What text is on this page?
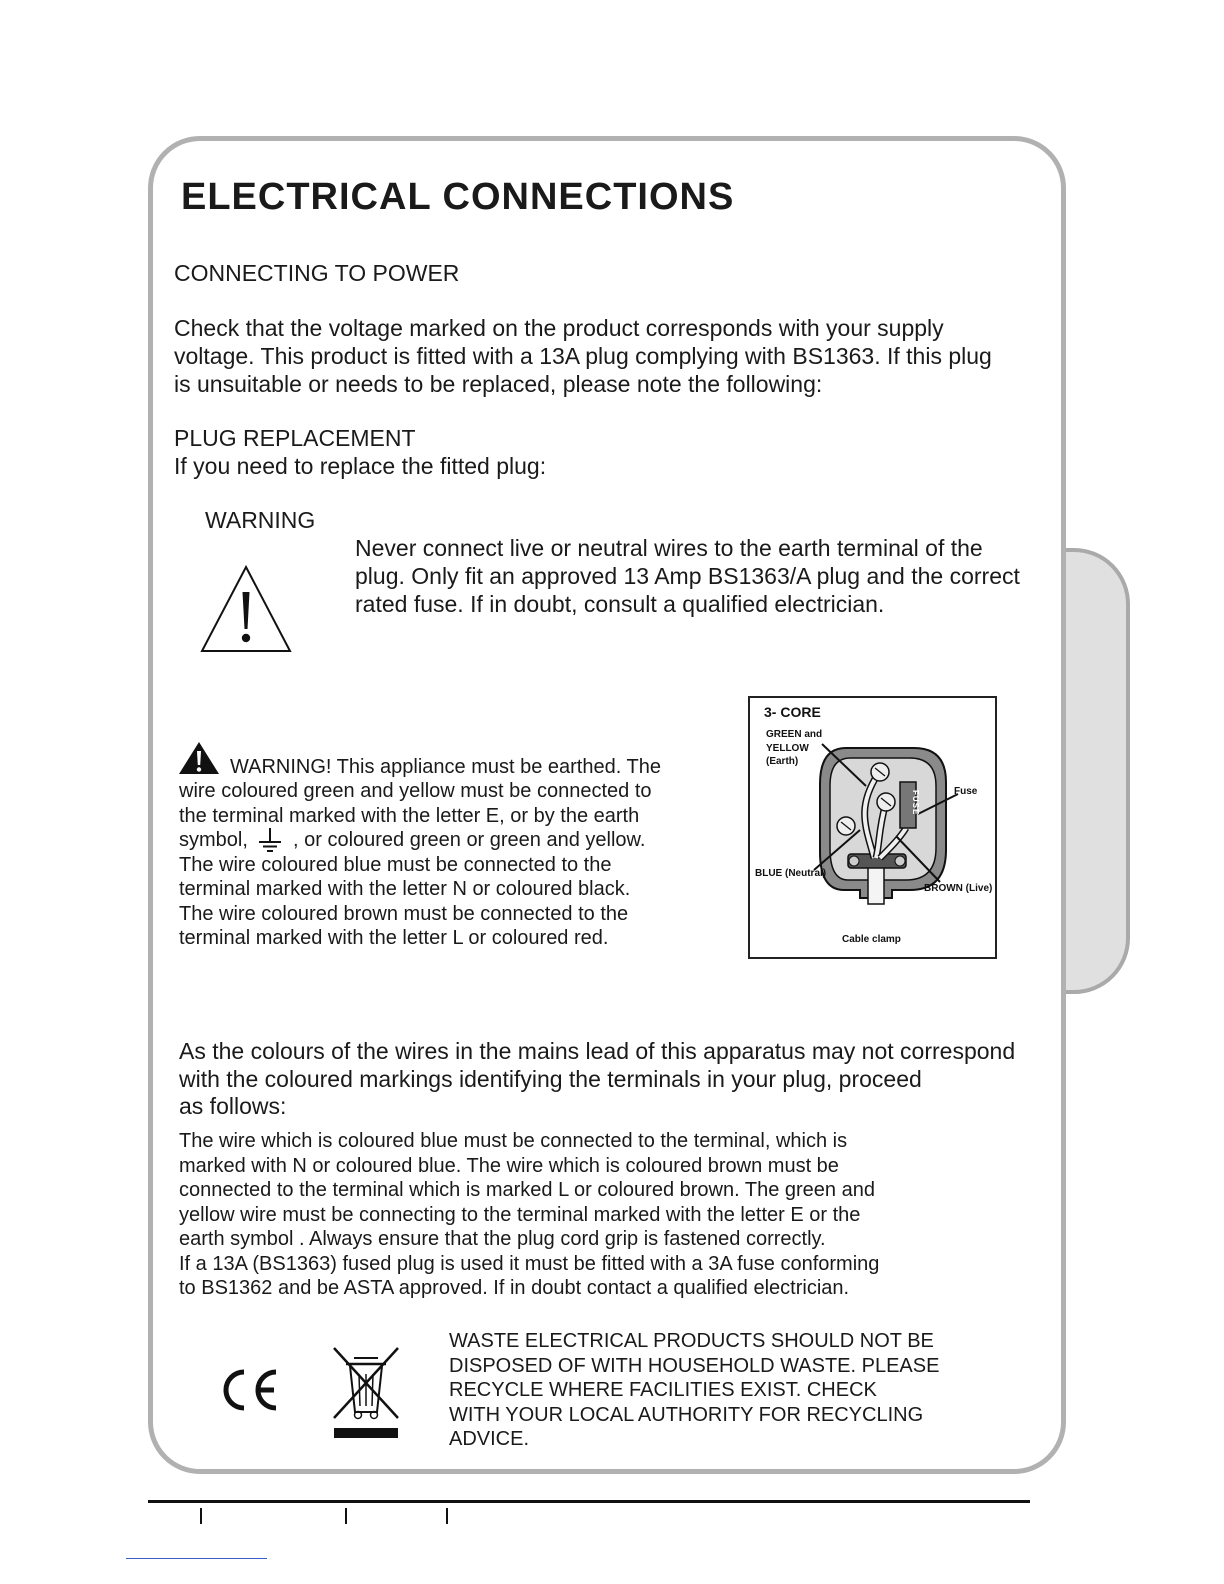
ELECTRICAL CONNECTIONS
CONNECTING TO POWER
Check that the voltage marked on the product corresponds with your supply
voltage. This product is fitted with a 13A plug complying with BS1363. If this plug
is unsuitable or needs to be replaced, please note the following:
PLUG REPLACEMENT
If you need to replace the fitted plug:
WARNING
Never connect live or neutral wires to the earth terminal of the
plug. Only fit an approved 13 Amp BS1363/A plug and the correct
rated fuse. If in doubt, consult a qualified electrician.
WARNING! This appliance must be earthed. The
wire coloured green and yellow must be connected to
the terminal marked with the letter E, or by the earth
symbol, , or coloured green or green and yellow.
The wire coloured blue must be connected to the
terminal marked with the letter N or coloured black.
The wire coloured brown must be connected to the
terminal marked with the letter L or coloured red.
3- CORE
GREEN and
YELLOW
(Earth)
Fuse
FUSE
BLUE (Neutral)
BROWN (Live)
Cable clamp
As the colours of the wires in the mains lead of this apparatus may not correspond
with the coloured markings identifying the terminals in your plug, proceed
as follows:
The wire which is coloured blue must be connected to the terminal, which is
marked with N or coloured blue. The wire which is coloured brown must be
connected to the terminal which is marked L or coloured brown. The green and
yellow wire must be connecting to the terminal marked with the letter E or the
earth symbol . Always ensure that the plug cord grip is fastened correctly.
If a 13A (BS1363) fused plug is used it must be fitted with a 3A fuse conforming
to BS1362 and be ASTA approved. If in doubt contact a qualified electrician.
WASTE ELECTRICAL PRODUCTS SHOULD NOT BE
DISPOSED OF WITH HOUSEHOLD WASTE. PLEASE
RECYCLE WHERE FACILITIES EXIST. CHECK
WITH YOUR LOCAL AUTHORITY FOR RECYCLING
ADVICE.
